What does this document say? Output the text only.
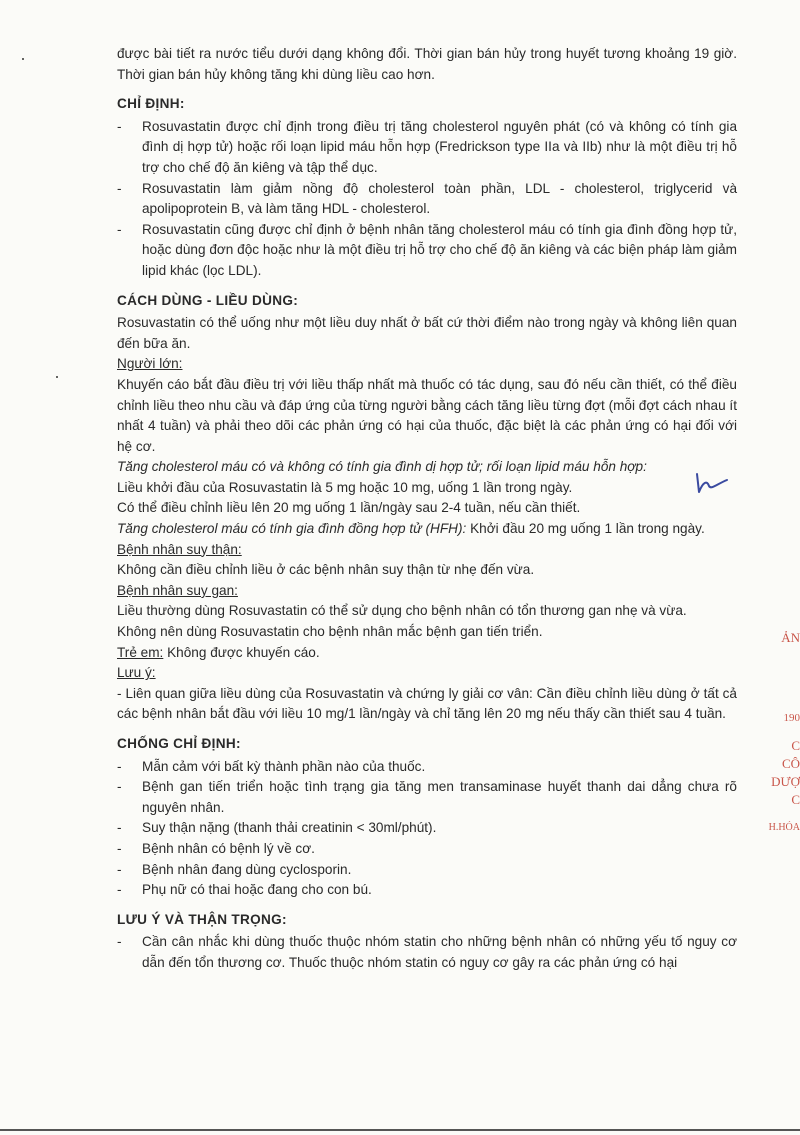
được bài tiết ra nước tiểu dưới dạng không đổi. Thời gian bán hủy trong huyết tương khoảng 19 giờ. Thời gian bán hủy không tăng khi dùng liều cao hơn.

CHỈ ĐỊNH:
- Rosuvastatin được chỉ định trong điều trị tăng cholesterol nguyên phát (có và không có tính gia đình dị hợp tử) hoặc rối loạn lipid máu hỗn hợp (Fredrickson type IIa và IIb) như là một điều trị hỗ trợ cho chế độ ăn kiêng và tập thể dục.
- Rosuvastatin làm giảm nồng độ cholesterol toàn phần, LDL - cholesterol, triglycerid và apolipoprotein B, và làm tăng HDL - cholesterol.
- Rosuvastatin cũng được chỉ định ở bệnh nhân tăng cholesterol máu có tính gia đình đồng hợp tử, hoặc dùng đơn độc hoặc như là một điều trị hỗ trợ cho chế độ ăn kiêng và các biện pháp làm giảm lipid khác (lọc LDL).
CÁCH DÙNG - LIỀU DÙNG:

Rosuvastatin có thể uống như một liều duy nhất ở bất cứ thời điểm nào trong ngày và không liên quan đến bữa ăn.

Người lớn:

Khuyến cáo bắt đầu điều trị với liều thấp nhất mà thuốc có tác dụng, sau đó nếu cần thiết, có thể điều chỉnh liều theo nhu cầu và đáp ứng của từng người bằng cách tăng liều từng đợt (mỗi đợt cách nhau ít nhất 4 tuần) và phải theo dõi các phản ứng có hại của thuốc, đặc biệt là các phản ứng có hại đối với hệ cơ.

Tăng cholesterol máu có và không có tính gia đình dị hợp tử; rối loạn lipid máu hỗn hợp:

Liều khởi đầu của Rosuvastatin là 5 mg hoặc 10 mg, uống 1 lần trong ngày.

Có thể điều chỉnh liều lên 20 mg uống 1 lần/ngày sau 2-4 tuần, nếu cần thiết.

Tăng cholesterol máu có tính gia đình đồng hợp tử (HFH): Khởi đầu 20 mg uống 1 lần trong ngày.

Bệnh nhân suy thận:

Không cần điều chỉnh liều ở các bệnh nhân suy thận từ nhẹ đến vừa.

Bệnh nhân suy gan:

Liều thường dùng Rosuvastatin có thể sử dụng cho bệnh nhân có tổn thương gan nhẹ và vừa.

Không nên dùng Rosuvastatin cho bệnh nhân mắc bệnh gan tiến triển.

Trẻ em: Không được khuyến cáo.

Lưu ý:

- Liên quan giữa liều dùng của Rosuvastatin và chứng ly giải cơ vân: Cần điều chỉnh liều dùng ở tất cả các bệnh nhân bắt đầu với liều 10 mg/1 lần/ngày và chỉ tăng lên 20 mg nếu thấy cần thiết sau 4 tuần.

CHỐNG CHỈ ĐỊNH:
- Mẫn cảm với bất kỳ thành phần nào của thuốc.
- Bệnh gan tiến triển hoặc tình trạng gia tăng men transaminase huyết thanh dai dẳng chưa rõ nguyên nhân.
- Suy thận nặng (thanh thải creatinin < 30ml/phút).
- Bệnh nhân có bệnh lý về cơ.
- Bệnh nhân đang dùng cyclosporin.
- Phụ nữ có thai hoặc đang cho con bú.
LƯU Ý VÀ THẬN TRỌNG:
- Cần cân nhắc khi dùng thuốc thuộc nhóm statin cho những bệnh nhân có những yếu tố nguy cơ dẫn đến tổn thương cơ. Thuốc thuộc nhóm statin có nguy cơ gây ra các phản ứng có hại
ẢN
190
C
CÔ
DƯỢ
C
H.HÓA
